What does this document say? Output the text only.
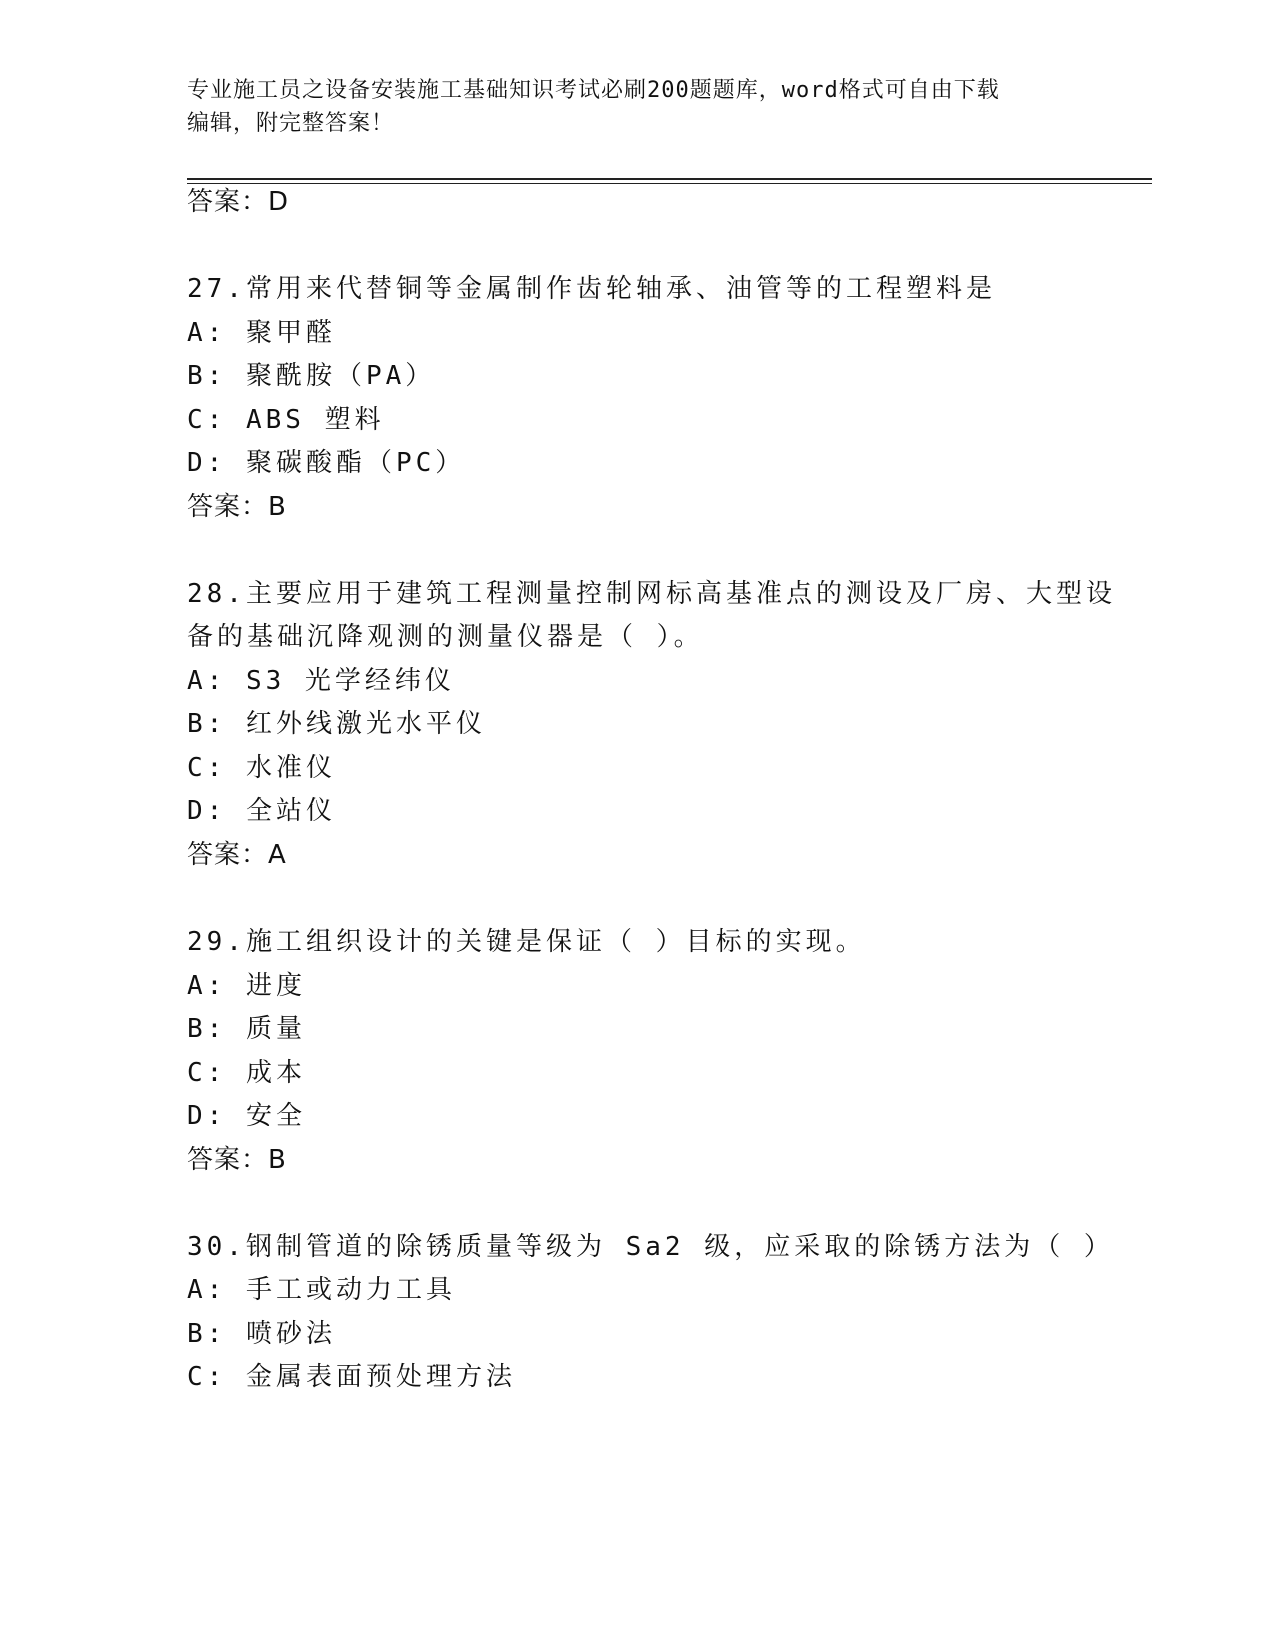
专业施工员之设备安装施工基础知识考试必刷200题题库，word格式可自由下载
编辑，附完整答案！
答案：D
27.常用来代替铜等金属制作齿轮轴承、油管等的工程塑料是
A: 聚甲醛
B: 聚酰胺（PA）
C: ABS 塑料
D: 聚碳酸酯（PC）
答案：B
28.主要应用于建筑工程测量控制网标高基准点的测设及厂房、大型设
备的基础沉降观测的测量仪器是（ ）。
A: S3 光学经纬仪
B: 红外线激光水平仪
C: 水准仪
D: 全站仪
答案：A
29.施工组织设计的关键是保证（ ）目标的实现。
A: 进度
B: 质量
C: 成本
D: 安全
答案：B
30.钢制管道的除锈质量等级为 Sa2 级，应采取的除锈方法为（ ）
A: 手工或动力工具
B: 喷砂法
C: 金属表面预处理方法
